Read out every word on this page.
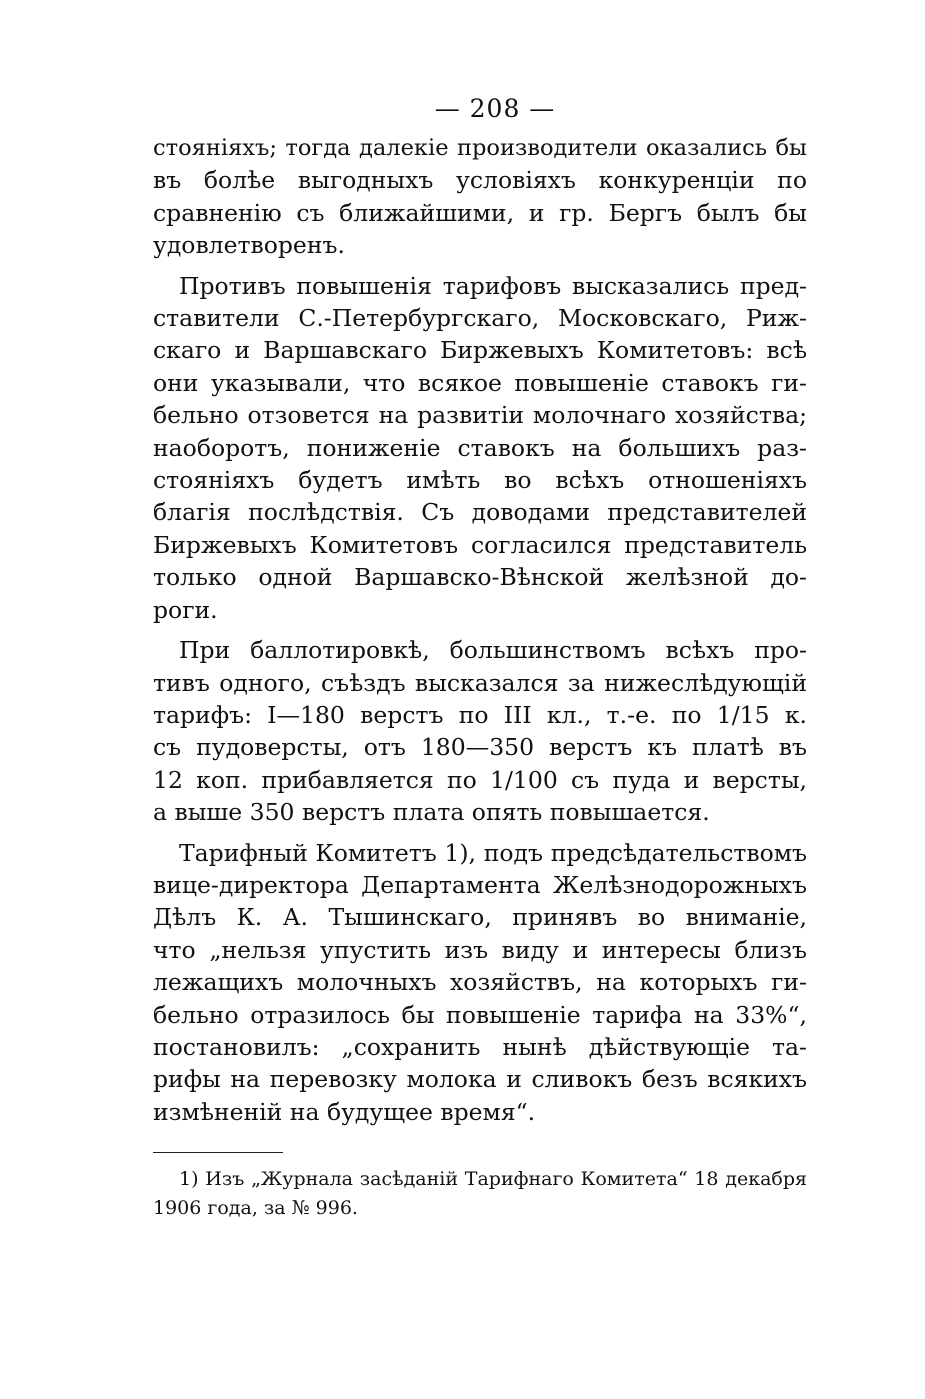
— 208 —
стояніяхъ; тогда далекіе производители оказались бы
въ болѣе выгодныхъ условіяхъ конкуренціи по
сравненію съ ближайшими, и гр. Бергъ былъ бы
удовлетворенъ.
Противъ повышенія тарифовъ высказались пред-
ставители С.-Петербургскаго, Московскаго, Риж-
скаго и Варшавскаго Биржевыхъ Комитетовъ: всѣ
они указывали, что всякое повышеніе ставокъ ги-
бельно отзовется на развитіи молочнаго хозяйства;
наоборотъ, понижeніе ставокъ на большихъ раз-
стояніяхъ будетъ имѣть во всѣхъ отношеніяхъ
благія послѣдствія. Съ доводами представителей
Биржевыхъ Комитетовъ согласился представитель
только одной Варшавско-Вѣнской желѣзной до-
роги.
При баллотировкѣ, большинствомъ всѣхъ про-
тивъ одного, съѣздъ высказался за нижеслѣдующій
тарифъ: I—180 верстъ по III кл., т.-е. по 1/15 к.
съ пудоверсты, отъ 180—350 верстъ къ платѣ въ
12 коп. прибавляется по 1/100 съ пуда и версты,
а выше 350 верстъ плата опять повышается.
Тарифный Комитетъ 1), подъ предсѣдательствомъ
вице-директора Департамента Желѣзнодорожныхъ
Дѣлъ К. А. Тышинскаго, принявъ во вниманіе,
что „нельзя упустить изъ виду и интересы близъ
лежащихъ молочныхъ хозяйствъ, на которыхъ ги-
бельно отразилось бы повышеніе тарифа на 33%“,
постановилъ: „сохранить нынѣ дѣйствующіе та-
рифы на перевозку молока и сливокъ безъ всякихъ
измѣненій на будущее время“.
1) Изъ „Журнала засѣданій Тарифнаго Комитета“ 18 декабря
1906 года, за № 996.
